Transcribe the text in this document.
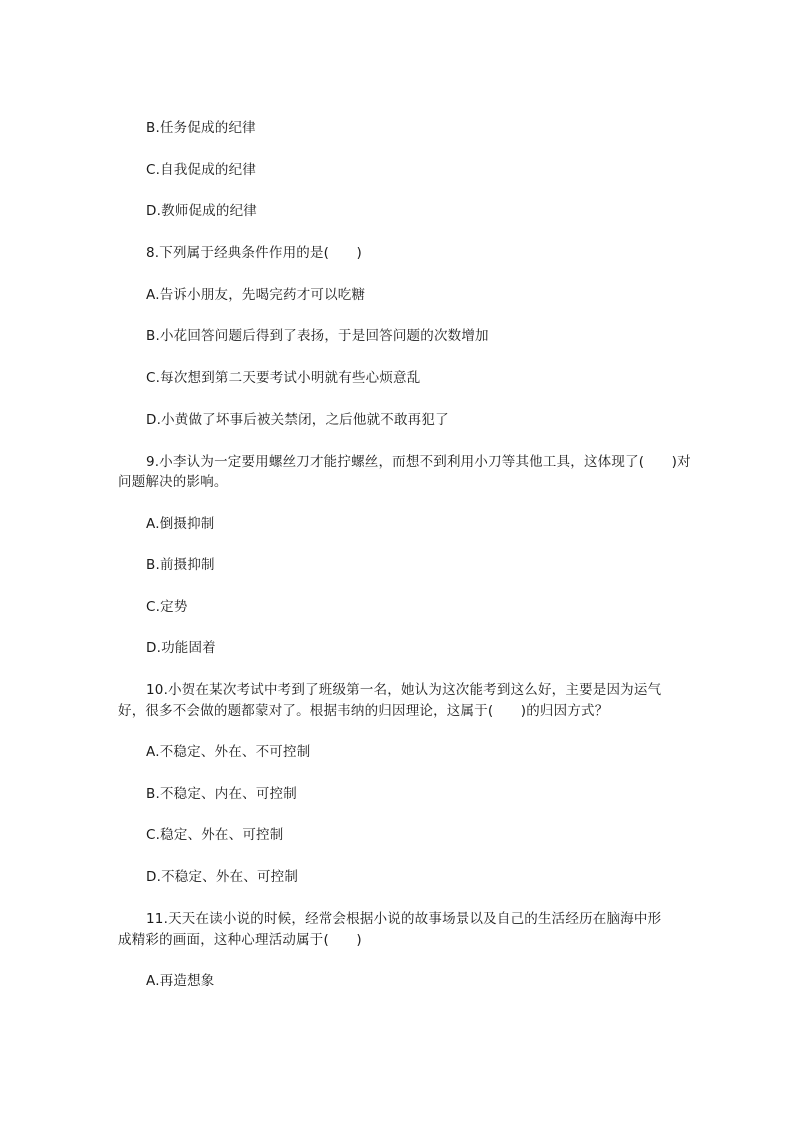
B.任务促成的纪律
C.自我促成的纪律
D.教师促成的纪律
8.下列属于经典条件作用的是(　　)
A.告诉小朋友，先喝完药才可以吃糖
B.小花回答问题后得到了表扬，于是回答问题的次数增加
C.每次想到第二天要考试小明就有些心烦意乱
D.小黄做了坏事后被关禁闭，之后他就不敢再犯了
9.小李认为一定要用螺丝刀才能拧螺丝，而想不到利用小刀等其他工具，这体现了(　　)对
问题解决的影响。
A.倒摄抑制
B.前摄抑制
C.定势
D.功能固着
10.小贺在某次考试中考到了班级第一名，她认为这次能考到这么好，主要是因为运气
好，很多不会做的题都蒙对了。根据韦纳的归因理论，这属于(　　)的归因方式？
A.不稳定、外在、不可控制
B.不稳定、内在、可控制
C.稳定、外在、可控制
D.不稳定、外在、可控制
11.天天在读小说的时候，经常会根据小说的故事场景以及自己的生活经历在脑海中形
成精彩的画面，这种心理活动属于(　　)
A.再造想象
